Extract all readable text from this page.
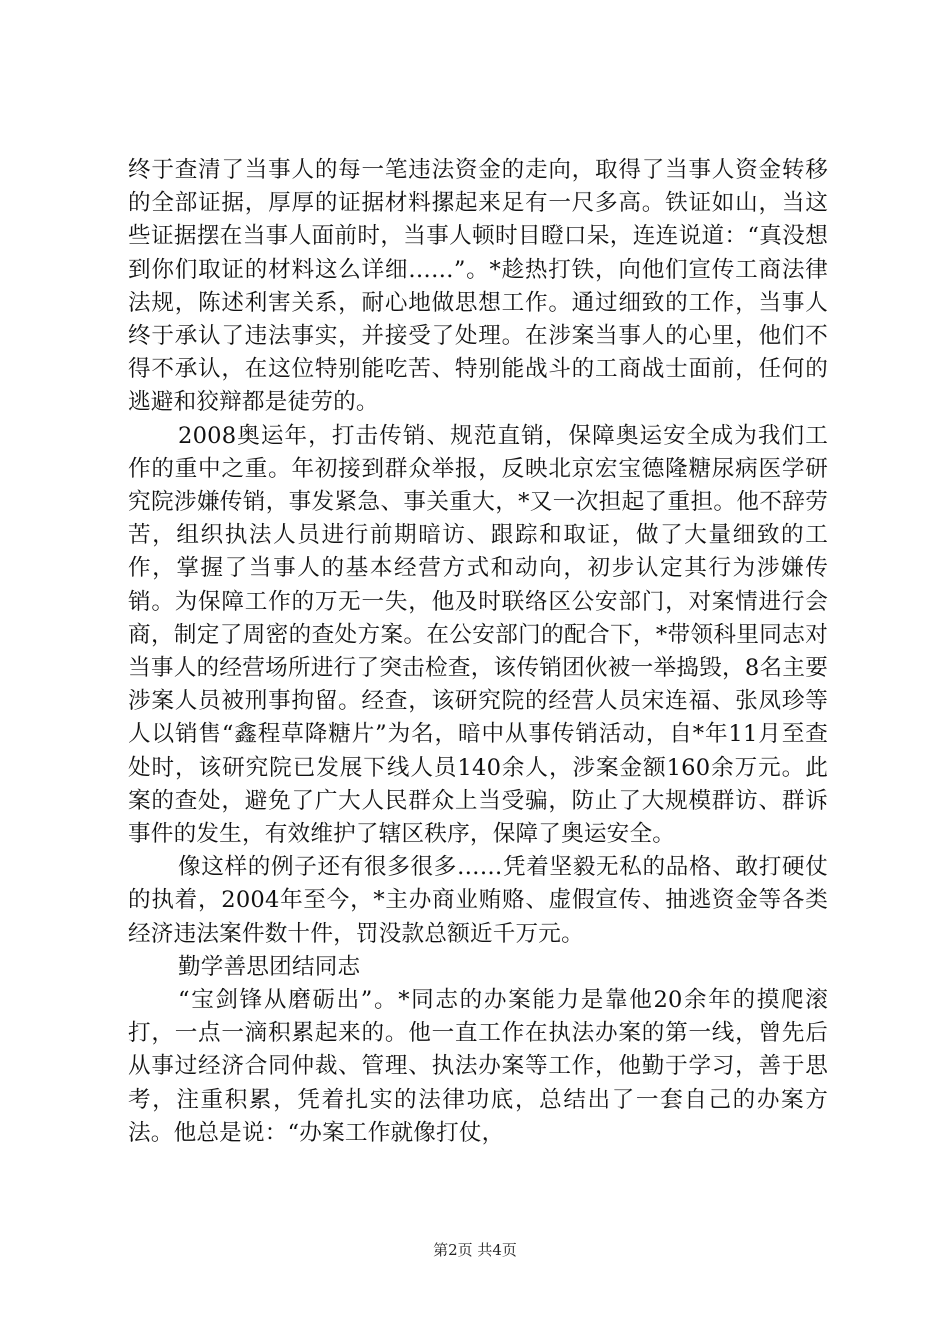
终于查清了当事人的每一笔违法资金的走向，取得了当事人资金转移的全部证据，厚厚的证据材料摞起来足有一尺多高。铁证如山，当这些证据摆在当事人面前时，当事人顿时目瞪口呆，连连说道：“真没想到你们取证的材料这么详细……”。*趁热打铁，向他们宣传工商法律法规，陈述利害关系，耐心地做思想工作。通过细致的工作，当事人终于承认了违法事实，并接受了处理。在涉案当事人的心里，他们不得不承认，在这位特别能吃苦、特别能战斗的工商战士面前，任何的逃避和狡辩都是徒劳的。

2008奥运年，打击传销、规范直销，保障奥运安全成为我们工作的重中之重。年初接到群众举报，反映北京宏宝德隆糖尿病医学研究院涉嫌传销，事发紧急、事关重大，*又一次担起了重担。他不辞劳苦，组织执法人员进行前期暗访、跟踪和取证，做了大量细致的工作，掌握了当事人的基本经营方式和动向，初步认定其行为涉嫌传销。为保障工作的万无一失，他及时联络区公安部门，对案情进行会商，制定了周密的查处方案。在公安部门的配合下，*带领科里同志对当事人的经营场所进行了突击检查，该传销团伙被一举捣毁，8名主要涉案人员被刑事拘留。经查，该研究院的经营人员宋连福、张凤珍等人以销售“鑫程草降糖片”为名，暗中从事传销活动，自*年11月至查处时，该研究院已发展下线人员140余人，涉案金额160余万元。此案的查处，避免了广大人民群众上当受骗，防止了大规模群访、群诉事件的发生，有效维护了辖区秩序，保障了奥运安全。

像这样的例子还有很多很多……凭着坚毅无私的品格、敢打硬仗的执着，2004年至今，*主办商业贿赂、虚假宣传、抽逃资金等各类经济违法案件数十件，罚没款总额近千万元。

勤学善思团结同志

“宝剑锋从磨砺出”。*同志的办案能力是靠他20余年的摸爬滚打，一点一滴积累起来的。他一直工作在执法办案的第一线，曾先后从事过经济合同仲裁、管理、执法办案等工作，他勤于学习，善于思考，注重积累，凭着扎实的法律功底，总结出了一套自己的办案方法。他总是说：“办案工作就像打仗，

第2页 共4页
